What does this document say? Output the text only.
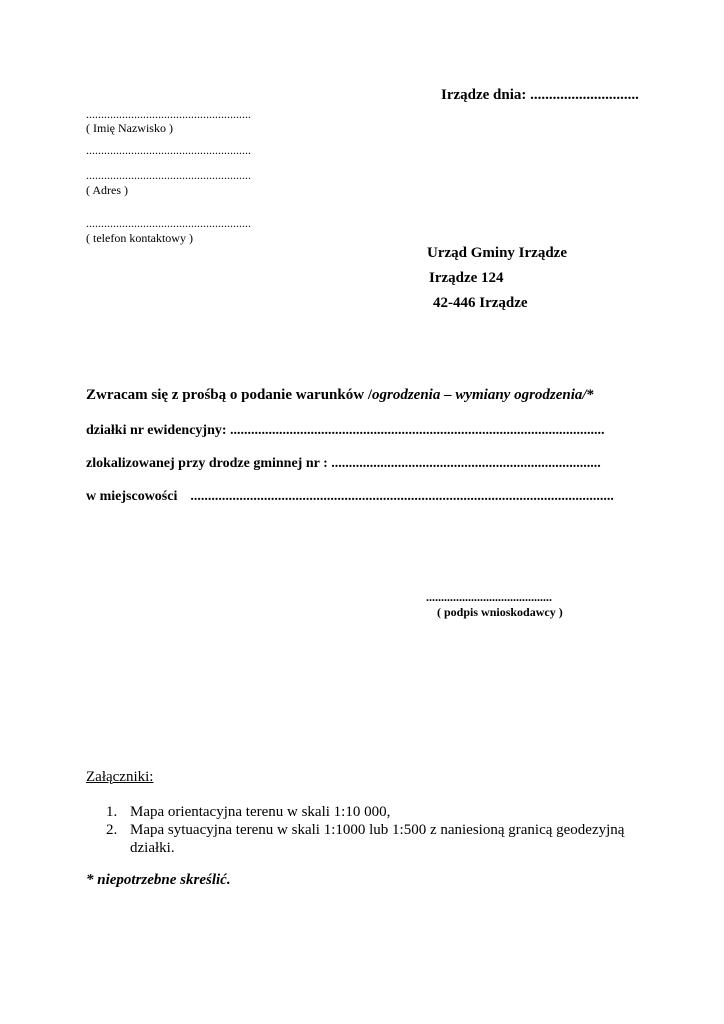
Irządze dnia: .............................
.......................................................
( Imię Nazwisko )
.......................................................
.......................................................
( Adres )
.......................................................
( telefon kontaktowy )
Urząd Gminy Irządze
Irządze 124
42-446 Irządze
Zwracam się z prośbą o podanie warunków /ogrodzenia – wymiany ogrodzenia/*
działki nr ewidencyjny: ...........................................................................................................
zlokalizowanej przy drodze gminnej nr : .............................................................................
w miejscowości .........................................................................................................................
..........................................
( podpis wnioskodawcy )
Załączniki:
1. Mapa orientacyjna terenu w skali 1:10 000,
2. Mapa sytuacyjna terenu w skali 1:1000 lub 1:500 z naniesioną granicą geodezyjną działki.
* niepotrzebne skreślić.
